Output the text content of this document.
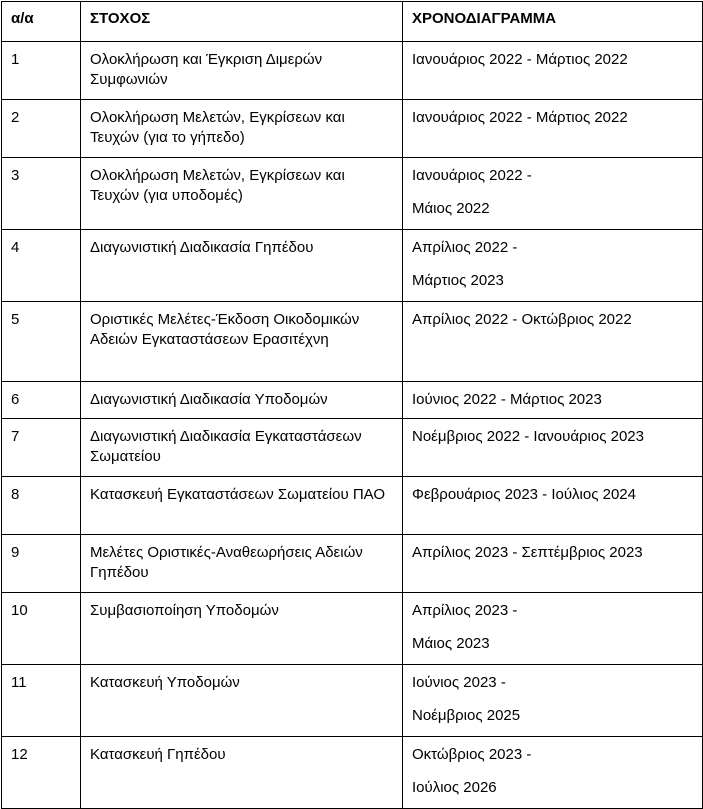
α/α	ΣΤΟΧΟΣ	ΧΡΟΝΟΔΙΑΓΡΑΜΜΑ
1	Ολοκλήρωση και Έγκριση Διμερών Συμφωνιών	Ιανουάριος 2022 - Μάρτιος 2022

2	Ολοκλήρωση Μελετών, Εγκρίσεων και Τευχών (για το γήπεδο)	Ιανουάριος 2022 - Μάρτιος 2022

3	Ολοκλήρωση Μελετών, Εγκρίσεων και Τευχών (για υποδομές)	Ιανουάριος 2022 -
Μάιος 2022

4	Διαγωνιστική Διαδικασία Γηπέδου	Απρίλιος 2022 -
Μάρτιος 2023

5	Οριστικές Μελέτες-Έκδοση Οικοδομικών Αδειών Εγκαταστάσεων Ερασιτέχνη	Απρίλιος 2022 - Οκτώβριος 2022

6	Διαγωνιστική Διαδικασία Υποδομών	Ιούνιος 2022 - Μάρτιος 2023

7	Διαγωνιστική Διαδικασία Εγκαταστάσεων Σωματείου	Νοέμβριος 2022 - Ιανουάριος 2023

8	Κατασκευή Εγκαταστάσεων Σωματείου ΠΑΟ	Φεβρουάριος 2023 - Ιούλιος 2024

9	Μελέτες Οριστικές-Αναθεωρήσεις Αδειών Γηπέδου	Απρίλιος 2023 - Σεπτέμβριος 2023

10	Συμβασιοποίηση Υποδομών	Απρίλιος 2023 -
Μάιος 2023

11	Κατασκευή Υποδομών	Ιούνιος 2023 -
Νοέμβριος 2025

12	Κατασκευή Γηπέδου	Οκτώβριος 2023 -
Ιούλιος 2026
